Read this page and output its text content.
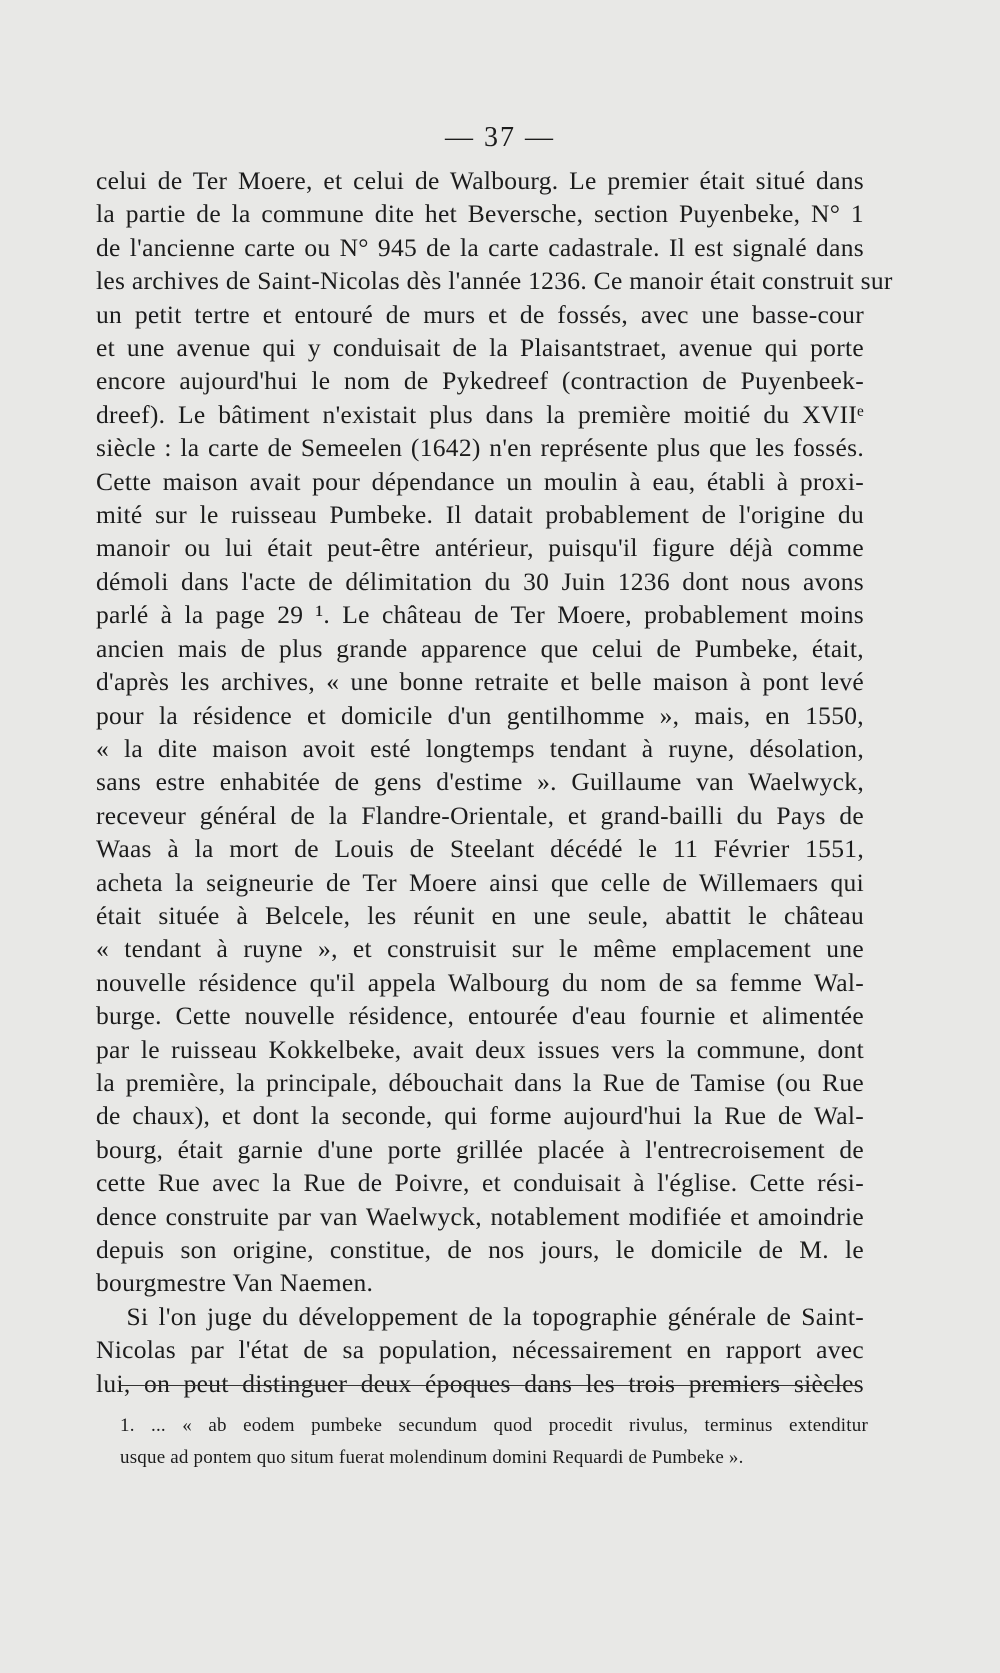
— 37 —
celui de Ter Moere, et celui de Walbourg. Le premier était situé dans
la partie de la commune dite het Beversche, section Puyenbeke, N° 1
de l'ancienne carte ou N° 945 de la carte cadastrale. Il est signalé dans
les archives de Saint-Nicolas dès l'année 1236. Ce manoir était construit sur
un petit tertre et entouré de murs et de fossés, avec une basse-cour
et une avenue qui y conduisait de la Plaisantstraet, avenue qui porte
encore aujourd'hui le nom de Pykedreef (contraction de Puyenbeek-
dreef). Le bâtiment n'existait plus dans la première moitié du XVIIᵉ
siècle : la carte de Semeelen (1642) n'en représente plus que les fossés.
Cette maison avait pour dépendance un moulin à eau, établi à proxi-
mité sur le ruisseau Pumbeke. Il datait probablement de l'origine du
manoir ou lui était peut-être antérieur, puisqu'il figure déjà comme
démoli dans l'acte de délimitation du 30 Juin 1236 dont nous avons
parlé à la page 29 ¹. Le château de Ter Moere, probablement moins
ancien mais de plus grande apparence que celui de Pumbeke, était,
d'après les archives, « une bonne retraite et belle maison à pont levé
pour la résidence et domicile d'un gentilhomme », mais, en 1550,
« la dite maison avoit esté longtemps tendant à ruyne, désolation,
sans estre enhabitée de gens d'estime ». Guillaume van Waelwyck,
receveur général de la Flandre-Orientale, et grand-bailli du Pays de
Waas à la mort de Louis de Steelant décédé le 11 Février 1551,
acheta la seigneurie de Ter Moere ainsi que celle de Willemaers qui
était située à Belcele, les réunit en une seule, abattit le château
« tendant à ruyne », et construisit sur le même emplacement une
nouvelle résidence qu'il appela Walbourg du nom de sa femme Wal-
burge. Cette nouvelle résidence, entourée d'eau fournie et alimentée
par le ruisseau Kokkelbeke, avait deux issues vers la commune, dont
la première, la principale, débouchait dans la Rue de Tamise (ou Rue
de chaux), et dont la seconde, qui forme aujourd'hui la Rue de Wal-
bourg, était garnie d'une porte grillée placée à l'entrecroisement de
cette Rue avec la Rue de Poivre, et conduisait à l'église. Cette rési-
dence construite par van Waelwyck, notablement modifiée et amoindrie
depuis son origine, constitue, de nos jours, le domicile de M. le
bourgmestre Van Naemen.
Si l'on juge du développement de la topographie générale de Saint-
Nicolas par l'état de sa population, nécessairement en rapport avec
lui, on peut distinguer deux époques dans les trois premiers siècles
1. ... « ab eodem pumbeke secundum quod procedit rivulus, terminus extenditur
usque ad pontem quo situm fuerat molendinum domini Requardi de Pumbeke ».
